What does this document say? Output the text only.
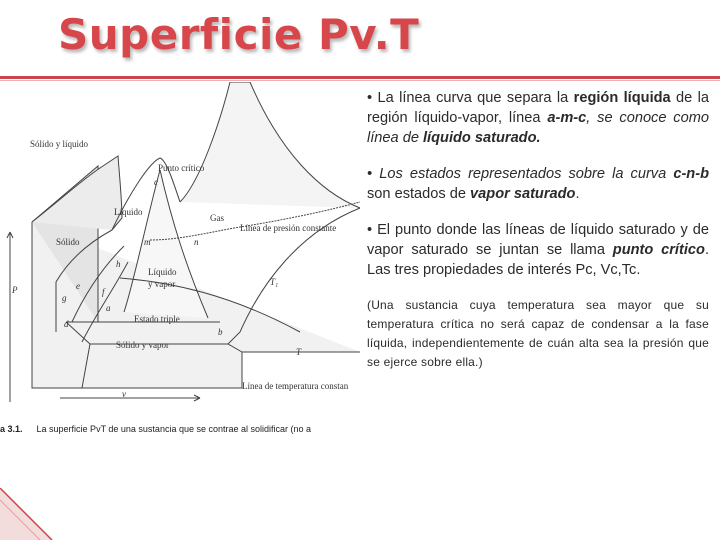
Superficie Pv.T
Sólido y líquido
Punto crítico
c
Líquido
Gas
Sólido	m	n
Línea de presión constante
h
Líquido
y vapor
P	e
f
a
T₁
g
d	Estado triple
b
Sólido y vapor
T
Línea de temperatura constan
v
a 3.1. La superficie PvT de una sustancia que se contrae al solidificar (no a

• La línea curva que separa la región líquida de la región líquido-vapor, línea a-m-c, se conoce como línea de líquido saturado.

• Los estados representados sobre la curva c-n-b son estados de vapor saturado.

• El punto donde las líneas de líquido saturado y de vapor saturado se juntan se llama punto crítico. Las tres propiedades de interés Pc, Vc,Tc.

(Una sustancia cuya temperatura sea mayor que su temperatura crítica no será capaz de condensar a la fase líquida, independientemente de cuán alta sea la presión que se ejerce sobre ella.)
